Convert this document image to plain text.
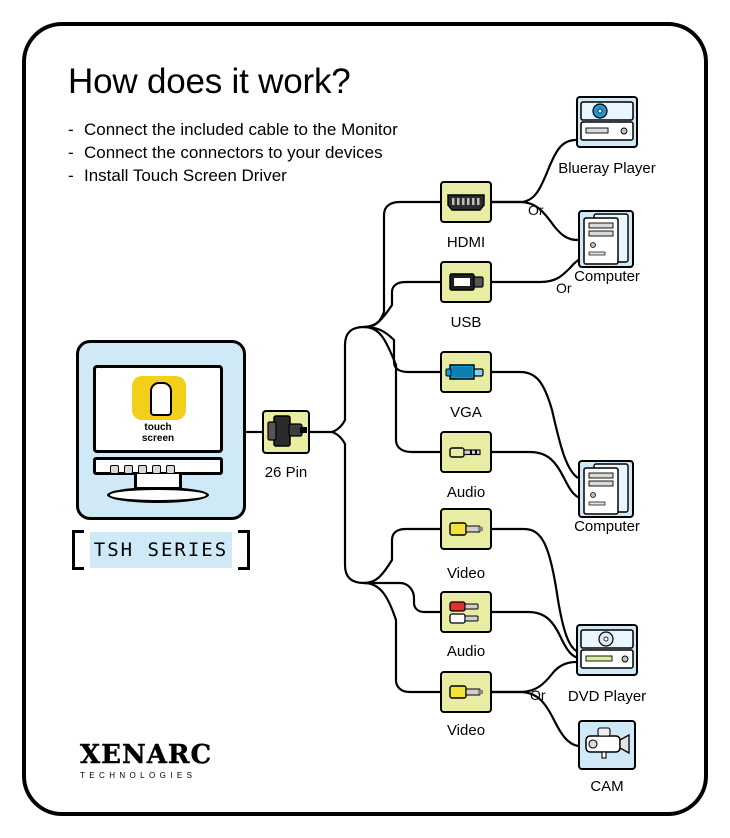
How does it work?
- Connect the included cable to the Monitor
- Connect the connectors to your devices
- Install Touch Screen Driver
touch
screen
TSH SERIES
26 Pin
HDMI
USB
VGA
Audio
Video
Audio
Video
Blueray Player
Computer
Computer
DVD Player
CAM
Or
Or
Or
XENARC
TECHNOLOGIES
